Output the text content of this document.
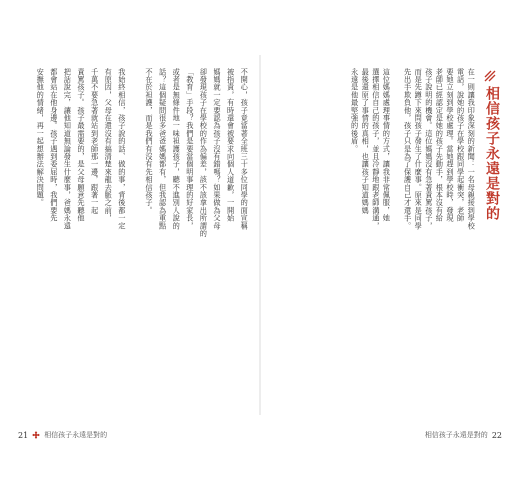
不開心，孩子竟當著全班三十多位同學的面宣稱
被指責，有時還會被要求向個人道歉，一開始
媽媽就一定要認為孩子沒有錯嗎？如果做為父母
卻發現孩子在學校的作為偏差，該不該拿出所謂的
「教育」手段？我們是要當個明事理的好家長，
或者是無條件地一味袒護孩子，聽不進別人說的
話？這個疑問很多爸爸媽媽都有，但我認為重點
不在於袒護，而是我們有沒有先相信孩子。
我始終相信，孩子說的話、做的事，背後都一定
有原因，父母在還沒有搞清楚來龍去脈之前，
千萬不要急著就站到老師那一邊，跟著一起
責罵孩子。孩子最需要的，是父母願意先聽他
把話說完，讓他知道無論發生什麼事，爸媽永遠
都會站在他身邊。孩子遇到委屈時，我們要先
安撫他的情緒，再一起想辦法解決問題。	相信孩子永遠是對的
在一則讓我印象深刻的新聞：一名母親接到學校
電話，說她的孩子在學校跟同學起衝突，老師
要她立刻到學校處理。當她趕到學校時，發現
老師已經認定是她的孩子先動手，根本沒有給
孩子說明的機會。這位媽媽沒有急著責罵孩子，
而是先蹲下來問孩子發生了什麼事。原來是同學
先出手欺負他，孩子只是為了保護自己才還手。
這位媽媽處理事情的方式，讓我非常佩服，她
選擇相信自己的孩子，並且冷靜地跟老師溝通，
最後還原了事情的真相，也讓孩子知道媽媽
永遠是他最堅強的後盾。
21 相信孩子永遠是對的	相信孩子永遠是對的 22
